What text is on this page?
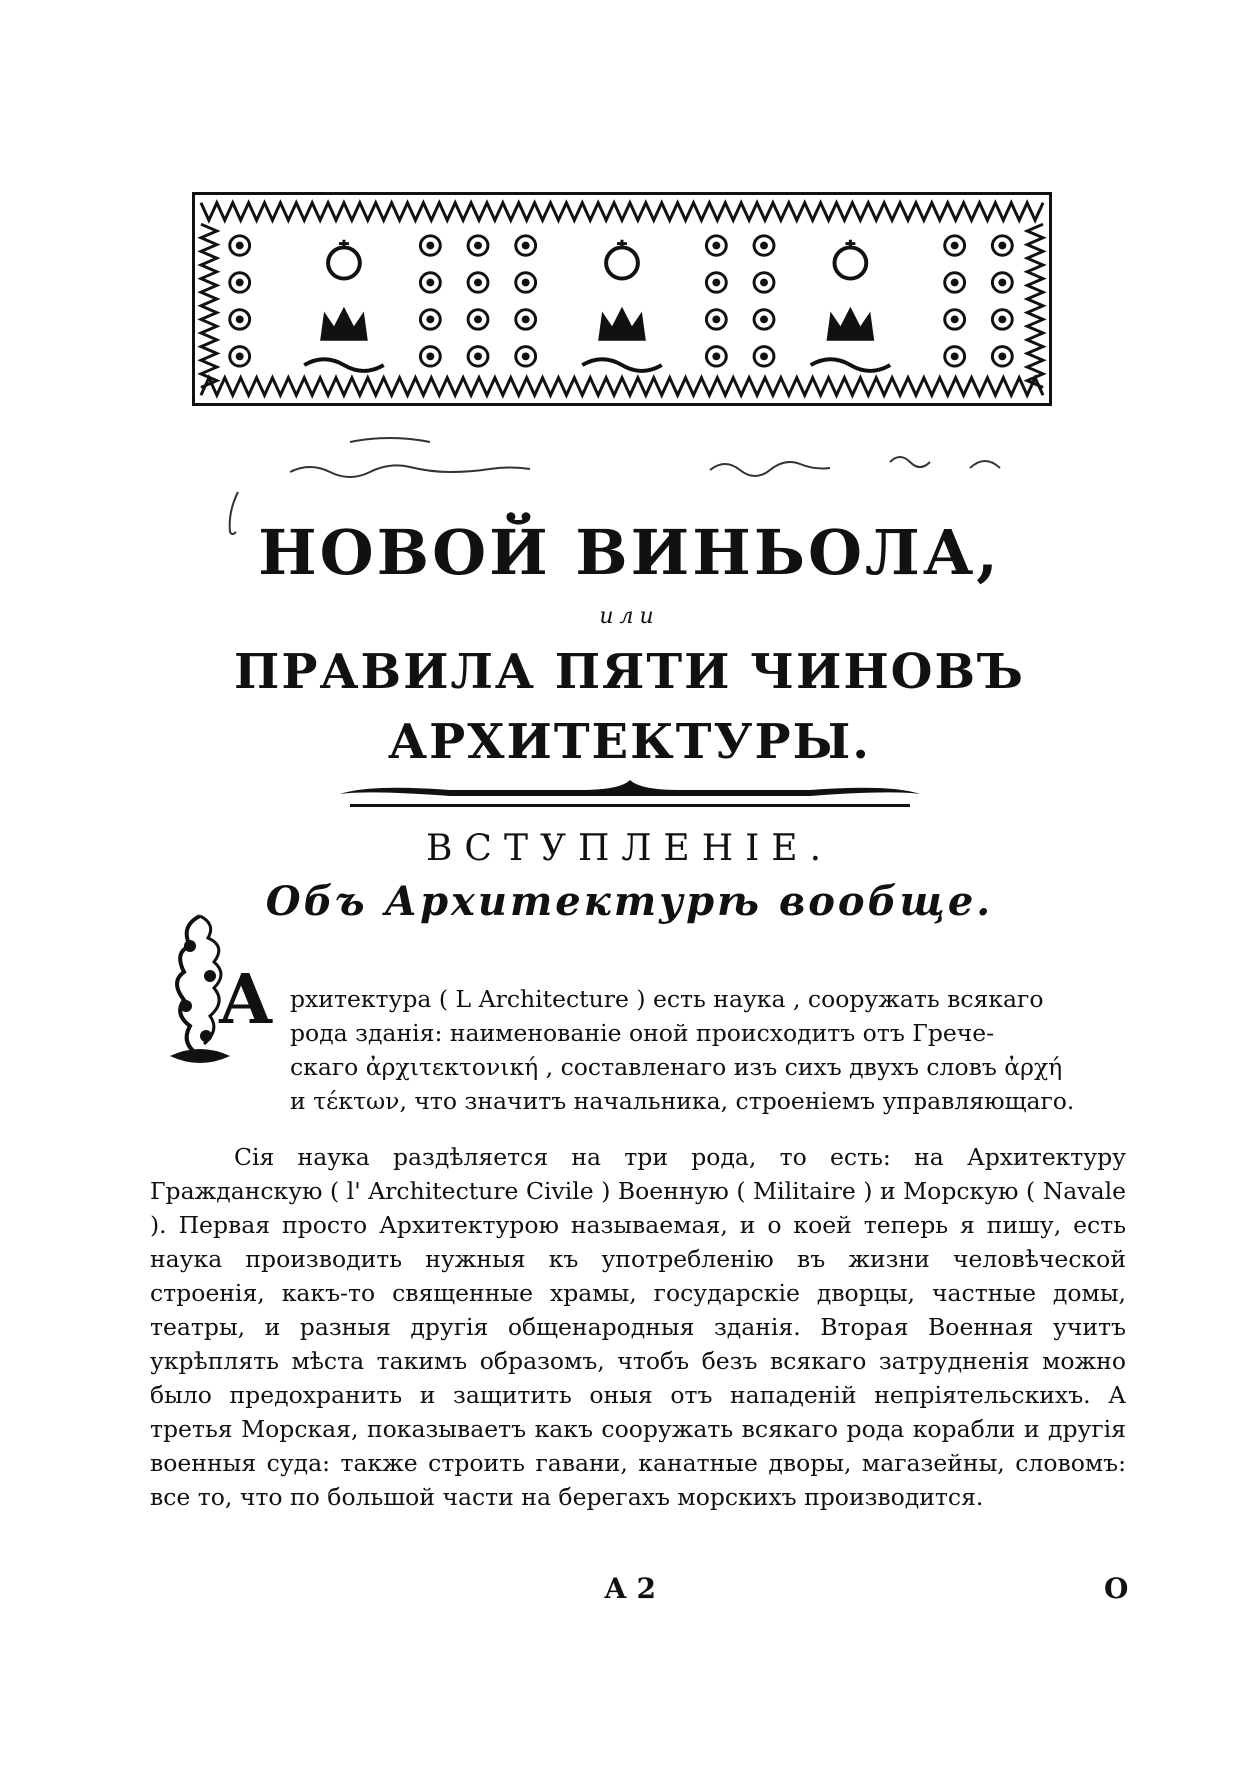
НОВОЙ ВИНЬОЛА,
или
ПРАВИЛА ПЯТИ ЧИНОВЪ
АРХИТЕКТУРЫ.
ВСТУПЛЕНІЕ.
Объ Архитектурѣ вообще.
А рхитектура ( L Architecture ) есть наука , сооружать всякаго
рода зданія: наименованіе оной происходитъ отъ Грече-
скаго ἀρχιτεκτονική , составленаго изъ сихъ двухъ словъ ἀρχή
и τέκτων, что значитъ начальника, строеніемъ управляющаго.

Сія наука раздѣляется на три рода, то есть: на Архитектуру Гражданскую ( l' Architecture Civile ) Военную ( Militaire ) и Морскую ( Navale ). Первая просто Архитектурою называемая, и о коей теперь я пишу, есть наука производить нужныя къ употребленію въ жизни человѣческой строенія, какъ-то священные храмы, государскіе дворцы, частные домы, театры, и разныя другія общенародныя зданія. Вторая Военная учитъ укрѣплять мѣста такимъ образомъ, чтобъ безъ всякаго затрудненія можно было предохранить и защитить оныя отъ нападеній непріятельскихъ. А третья Морская, показываетъ какъ сооружать всякаго рода корабли и другія военныя суда: также строить гавани, канатные дворы, магазейны, словомъ: все то, что по большой части на берегахъ морскихъ производится.

А 2	О
